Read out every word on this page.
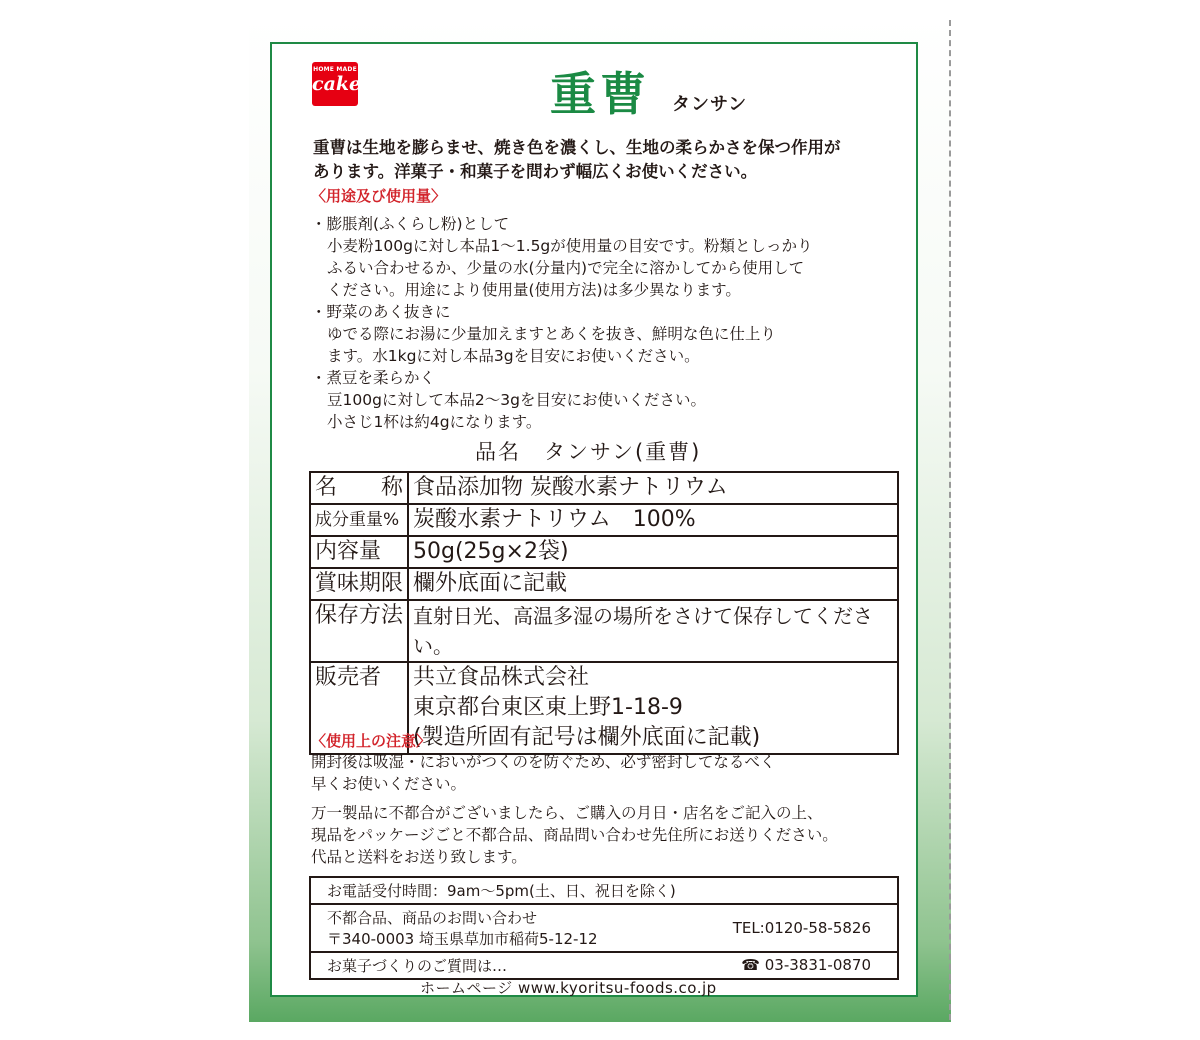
HOME MADE
cake	重曹 タンサン
重曹は生地を膨らませ、焼き色を濃くし、生地の柔らかさを保つ作用が
あります。洋菓子・和菓子を問わず幅広くお使いください。
〈用途及び使用量〉
・膨脹剤(ふくらし粉)として
小麦粉100gに対し本品1～1.5gが使用量の目安です。粉類としっかり
ふるい合わせるか、少量の水(分量内)で完全に溶かしてから使用して
ください。用途により使用量(使用方法)は多少異なります。
・野菜のあく抜きに
ゆでる際にお湯に少量加えますとあくを抜き、鮮明な色に仕上り
ます。水1kgに対し本品3gを目安にお使いください。
・煮豆を柔らかく
豆100gに対して本品2～3gを目安にお使いください。
小さじ1杯は約4gになります。
品名　タンサン(重曹)
名　　称	食品添加物 炭酸水素ナトリウム
成分重量%	炭酸水素ナトリウム　100%
内容量	50g(25g×2袋)
賞味期限	欄外底面に記載
保存方法	直射日光、高温多湿の場所をさけて保存してください。
販売者	共立食品株式会社
東京都台東区東上野1-18-9
(製造所固有記号は欄外底面に記載)
〈使用上の注意〉
開封後は吸湿・においがつくのを防ぐため、必ず密封してなるべく
早くお使いください。
万一製品に不都合がございましたら、ご購入の月日・店名をご記入の上、
現品をパッケージごと不都合品、商品問い合わせ先住所にお送りください。
代品と送料をお送り致します。
お電話受付時間：9am～5pm(土、日、祝日を除く)
不都合品、商品のお問い合わせ
〒340-0003 埼玉県草加市稲荷5-12-12
TEL:0120-58-5826
お菓子づくりのご質問は…	☎ 03-3831-0870
ホームページ www.kyoritsu-foods.co.jp
